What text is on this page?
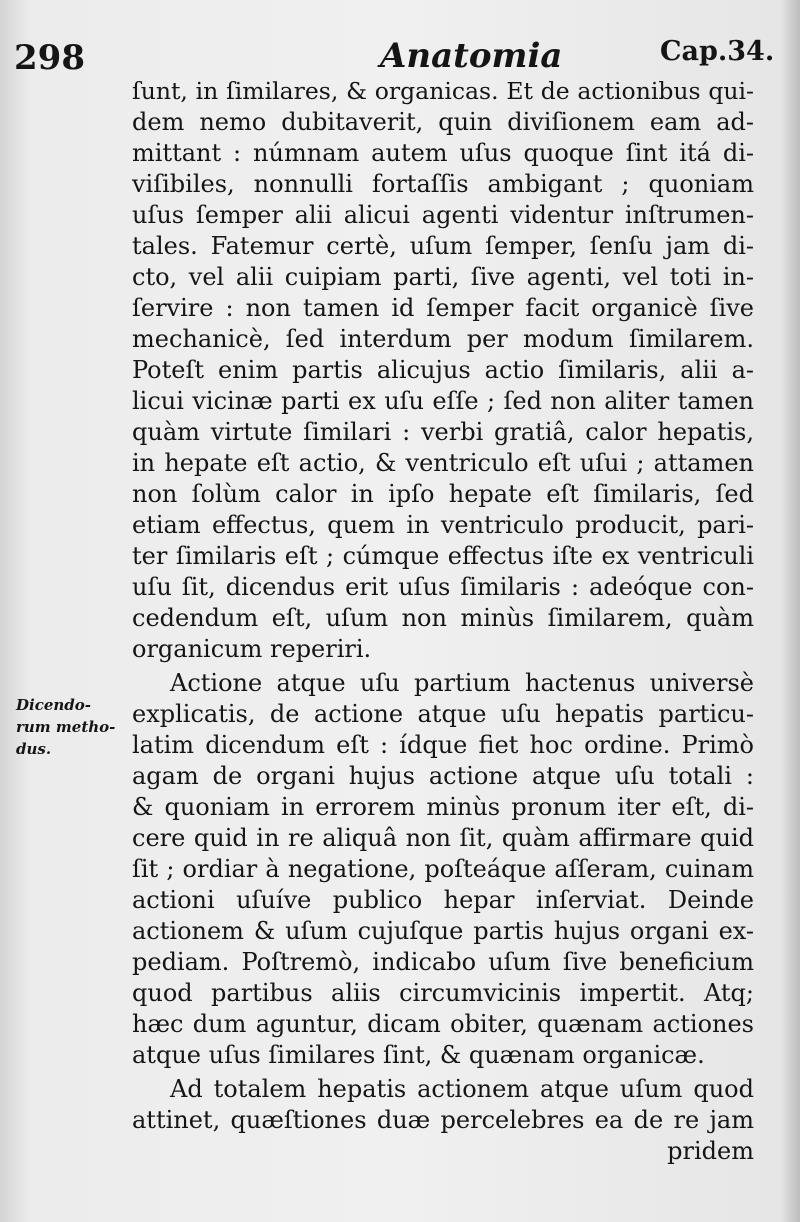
298	Anatomia	Cap.34.
Dicendo-
rum metho-
dus.
ſunt, in ſimilares, & organicas. Et de actionibus qui-
dem nemo dubitaverit, quin diviſionem eam ad-
mittant : númnam autem uſus quoque ſint itá di-
viſibiles, nonnulli fortaſſis ambigant ; quoniam
uſus ſemper alii alicui agenti videntur inſtrumen-
tales. Fatemur certè, uſum ſemper, ſenſu jam di-
cto, vel alii cuipiam parti, ſive agenti, vel toti in-
ſervire : non tamen id ſemper facit organicè ſive
mechanicè, ſed interdum per modum ſimilarem.
Poteſt enim partis alicujus actio ſimilaris, alii a-
licui vicinæ parti ex uſu eſſe ; ſed non aliter tamen
quàm virtute ſimilari : verbi gratiâ, calor hepatis,
in hepate eſt actio, & ventriculo eſt uſui ; attamen
non ſolùm calor in ipſo hepate eſt ſimilaris, ſed
etiam effectus, quem in ventriculo producit, pari-
ter ſimilaris eſt ; cúmque effectus iſte ex ventriculi
uſu ſit, dicendus erit uſus ſimilaris : adeóque con-
cedendum eſt, uſum non minùs ſimilarem, quàm
organicum reperiri.
Actione atque uſu partium hactenus universè
explicatis, de actione atque uſu hepatis particu-
latim dicendum eſt : ídque fiet hoc ordine. Primò
agam de organi hujus actione atque uſu totali :
& quoniam in errorem minùs pronum iter eſt, di-
cere quid in re aliquâ non ſit, quàm affirmare quid
ſit ; ordiar à negatione, poſteáque aſſeram, cuinam
actioni uſuíve publico hepar inſerviat. Deinde
actionem & uſum cujuſque partis hujus organi ex-
pediam. Poſtremò, indicabo uſum ſive beneficium
quod partibus aliis circumvicinis impertit. Atq;
hæc dum aguntur, dicam obiter, quænam actiones
atque uſus ſimilares ſint, & quænam organicæ.
Ad totalem hepatis actionem atque uſum quod
attinet, quæſtiones duæ percelebres ea de re jam
pridem
